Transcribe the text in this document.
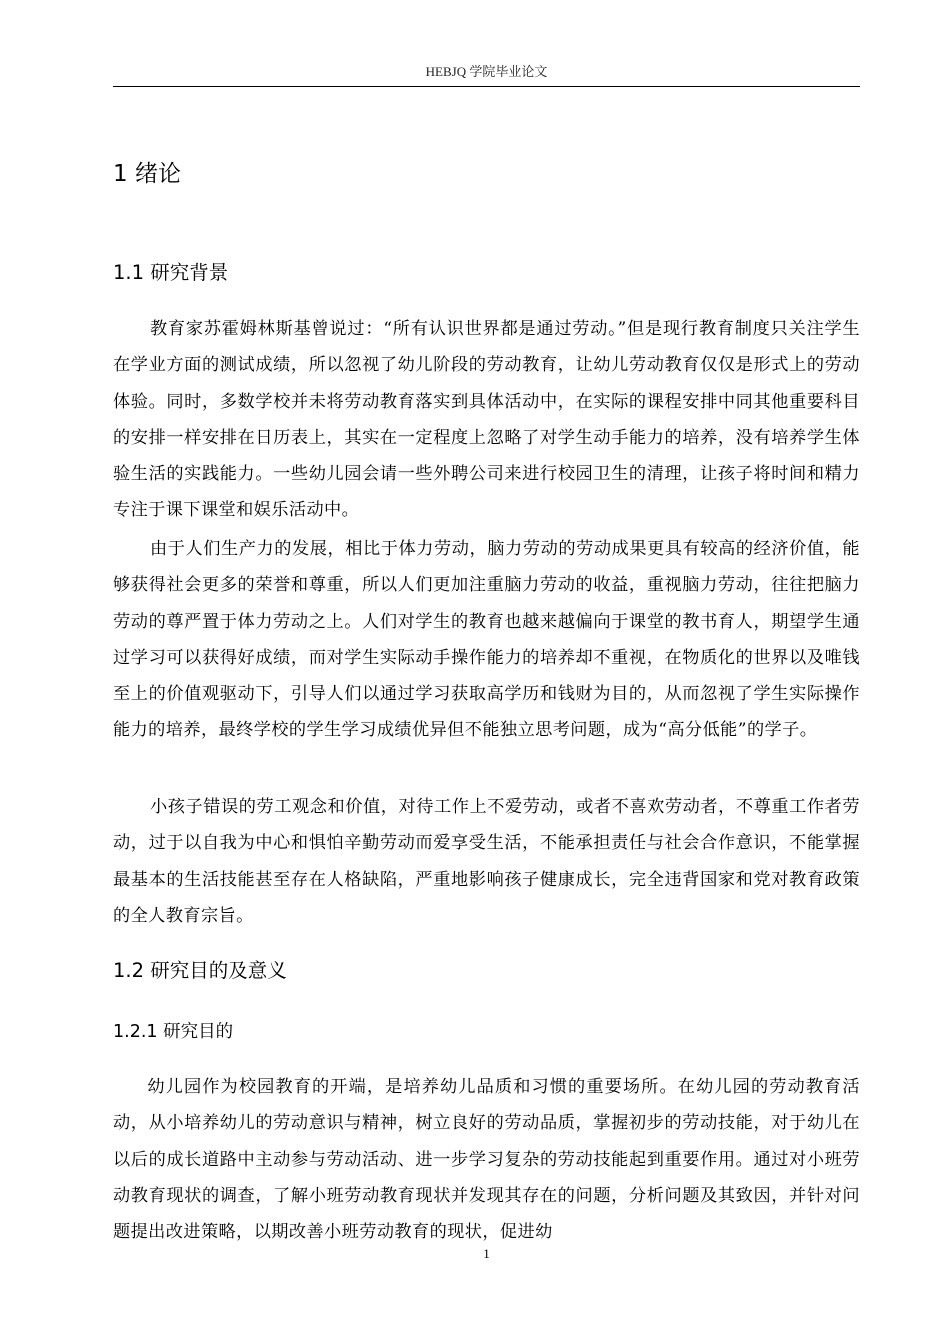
HEBJQ 学院毕业论文
1 绪论
1.1 研究背景

教育家苏霍姆林斯基曾说过：“所有认识世界都是通过劳动。”但是现行教育制度只关注学生在学业方面的测试成绩，所以忽视了幼儿阶段的劳动教育，让幼儿劳动教育仅仅是形式上的劳动体验。同时，多数学校并未将劳动教育落实到具体活动中，在实际的课程安排中同其他重要科目的安排一样安排在日历表上，其实在一定程度上忽略了对学生动手能力的培养，没有培养学生体验生活的实践能力。一些幼儿园会请一些外聘公司来进行校园卫生的清理，让孩子将时间和精力专注于课下课堂和娱乐活动中。

由于人们生产力的发展，相比于体力劳动，脑力劳动的劳动成果更具有较高的经济价值，能够获得社会更多的荣誉和尊重，所以人们更加注重脑力劳动的收益，重视脑力劳动，往往把脑力劳动的尊严置于体力劳动之上。人们对学生的教育也越来越偏向于课堂的教书育人，期望学生通过学习可以获得好成绩，而对学生实际动手操作能力的培养却不重视，在物质化的世界以及唯钱至上的价值观驱动下，引导人们以通过学习获取高学历和钱财为目的，从而忽视了学生实际操作能力的培养，最终学校的学生学习成绩优异但不能独立思考问题，成为“高分低能”的学子。

小孩子错误的劳工观念和价值，对待工作上不爱劳动，或者不喜欢劳动者，不尊重工作者劳动，过于以自我为中心和惧怕辛勤劳动而爱享受生活，不能承担责任与社会合作意识，不能掌握最基本的生活技能甚至存在人格缺陷，严重地影响孩子健康成长，完全违背国家和党对教育政策的全人教育宗旨。

1.2 研究目的及意义
1.2.1 研究目的

幼儿园作为校园教育的开端，是培养幼儿品质和习惯的重要场所。在幼儿园的劳动教育活动，从小培养幼儿的劳动意识与精神，树立良好的劳动品质，掌握初步的劳动技能，对于幼儿在以后的成长道路中主动参与劳动活动、进一步学习复杂的劳动技能起到重要作用。通过对小班劳动教育现状的调查，了解小班劳动教育现状并发现其存在的问题，分析问题及其致因，并针对问题提出改进策略，以期改善小班劳动教育的现状，促进幼

1
